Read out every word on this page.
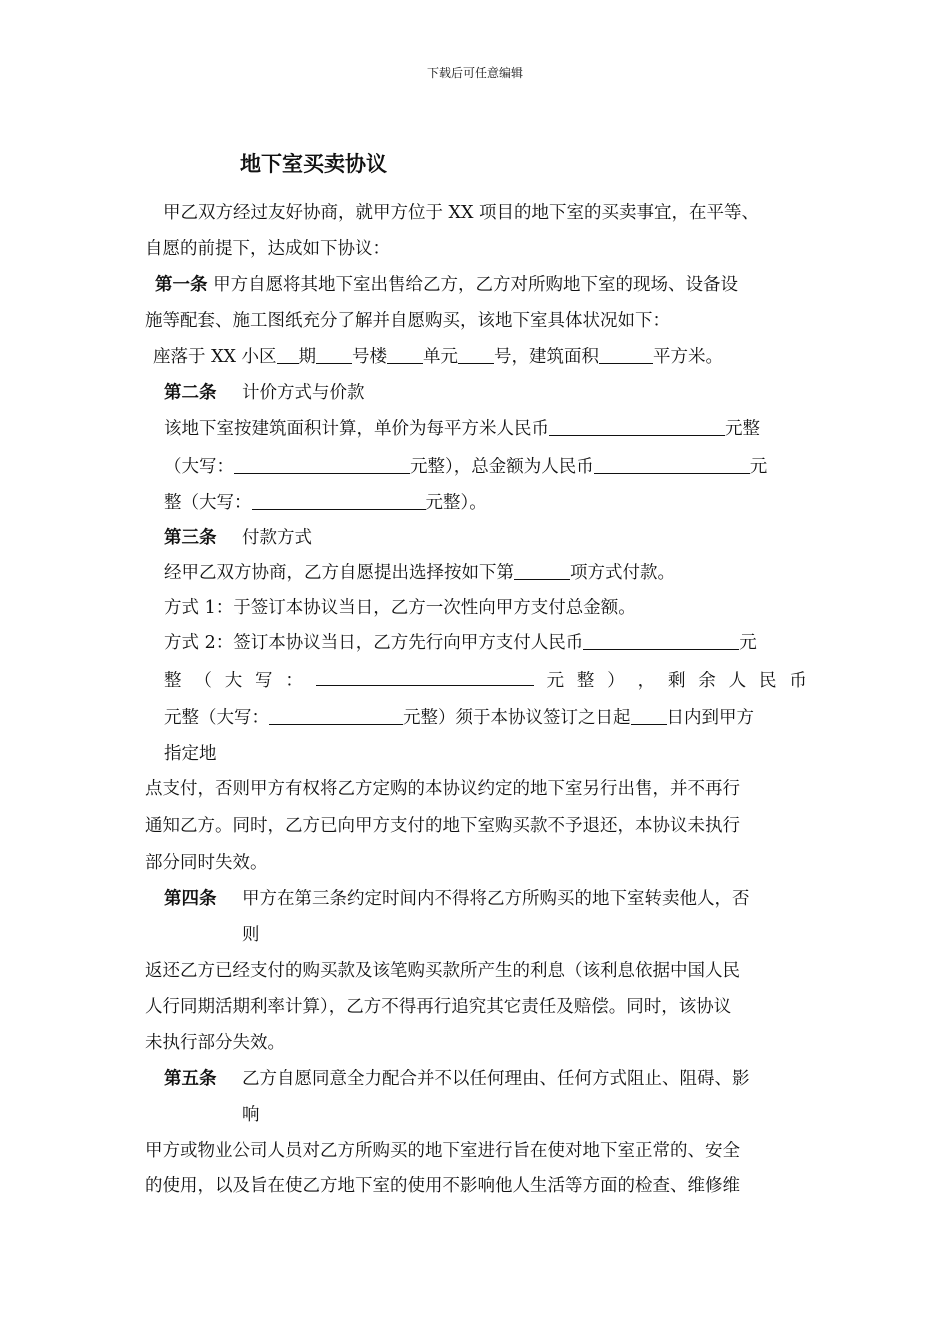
下载后可任意编辑
地下室买卖协议
甲乙双方经过友好协商，就甲方位于 XX 项目的地下室的买卖事宜，在平等、
自愿的前提下，达成如下协议：
第一条 甲方自愿将其地下室出售给乙方，乙方对所购地下室的现场、设备设
施等配套、施工图纸充分了解并自愿购买，该地下室具体状况如下：
座落于 XX 小区 期 号楼 单元 号，建筑面积	平方米。
第二条 计价方式与价款
该地下室按建筑面积计算，单价为每平方米人民币	元整
（大写：	元整），总金额为人民币	元
整（大写：	元整）。
第三条 付款方式
经甲乙双方协商，乙方自愿提出选择按如下第	项方式付款。
方式 1：于签订本协议当日，乙方一次性向甲方支付总金额。
方式 2：签订本协议当日，乙方先行向甲方支付人民币	元
整 （ 大 写 ：	元 整 ） ， 剩 余 人 民 币
元整（大写：	元整）须于本协议签订之日起 日内到甲方
指定地
点支付，否则甲方有权将乙方定购的本协议约定的地下室另行出售，并不再行
通知乙方。同时，乙方已向甲方支付的地下室购买款不予退还，本协议未执行
部分同时失效。
第四条 甲方在第三条约定时间内不得将乙方所购买的地下室转卖他人，否
则
返还乙方已经支付的购买款及该笔购买款所产生的利息（该利息依据中国人民
人行同期活期利率计算），乙方不得再行追究其它责任及赔偿。同时，该协议
未执行部分失效。
第五条 乙方自愿同意全力配合并不以任何理由、任何方式阻止、阻碍、影
响
甲方或物业公司人员对乙方所购买的地下室进行旨在使对地下室正常的、安全
的使用，以及旨在使乙方地下室的使用不影响他人生活等方面的检查、维修维
